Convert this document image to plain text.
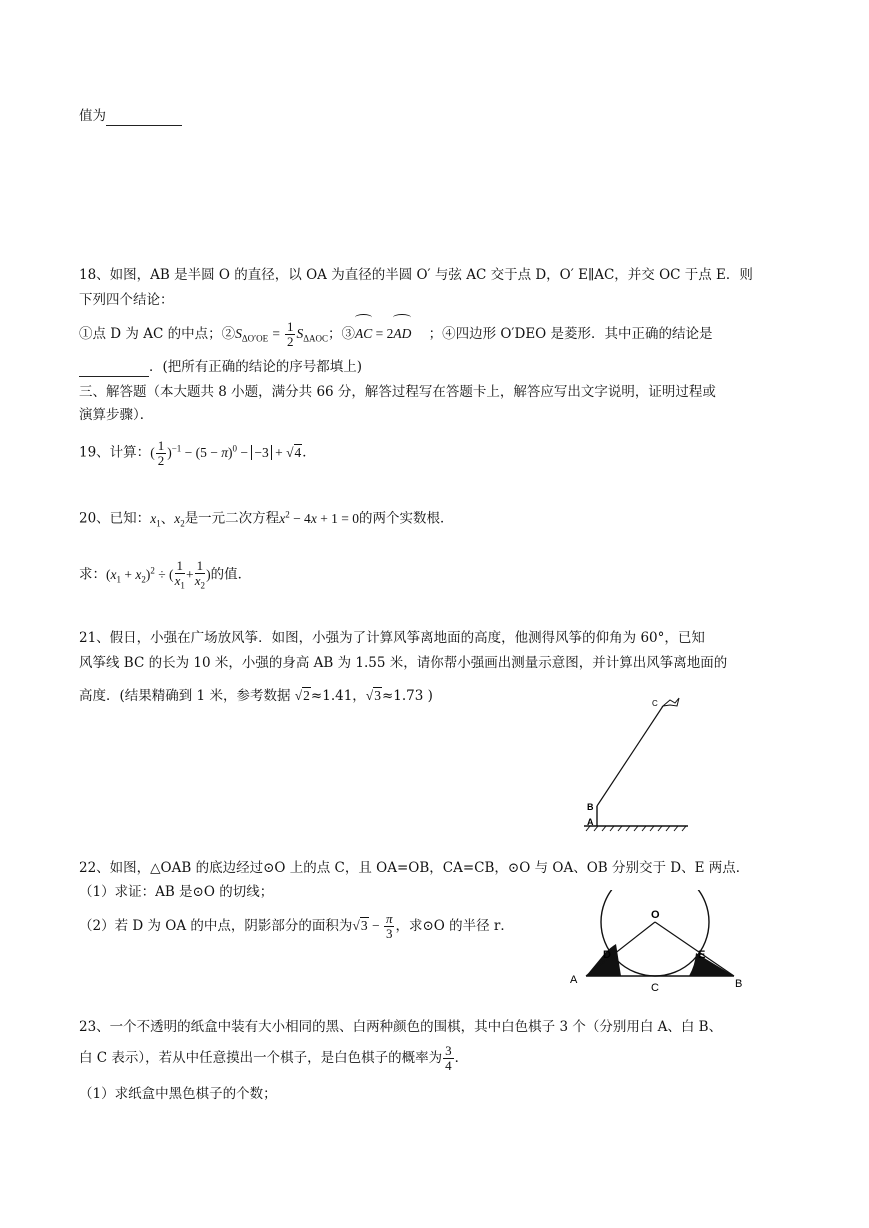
值为
18、如图，AB 是半圆 O 的直径，以 OA 为直径的半圆 O′ 与弦 AC 交于点 D，O′ E∥AC，并交 OC 于点 E．则
下列四个结论：
①点 D 为 AC 的中点；$②S_{\Delta O'OE} = \frac{1}{2} S_{\Delta AOC}$；③AC = 2AD ；④四边形 O′DEO 是菱形．其中正确的结论是
．(把所有正确的结论的序号都填上)
三、解答题（本大题共 8 小题，满分共 66 分，解答过程写在答题卡上，解答应写出文字说明，证明过程或
演算步骤）．
19、计算：( $\frac{1}{2} )^{-1} - (5 - \pi)^0 - -3 + √4$．
20、已知：$x_1$、$x_2$是一元二次方程$x^2 - 4x + 1 = 0$的两个实数根．
求：$(x_1 + x_2)^2$ ÷ ( $\frac{1}{x_1} + \frac{1}{x_2}$ )的值．
21、假日，小强在广场放风筝．如图，小强为了计算风筝离地面的高度，他测得风筝的仰角为 60°，已知
风筝线 BC 的长为 10 米，小强的身高 AB 为 1.55 米，请你帮小强画出测量示意图，并计算出风筝离地面的
高度．(结果精确到 1 米，参考数据 √2≈1.41，√3≈1.73 )	C
B
A
22、如图，△OAB 的底边经过⊙O 上的点 C，且 OA=OB，CA=CB，⊙O 与 OA、OB 分别交于 D、E 两点．
（1）求证：AB 是⊙O 的切线；
（2）若 D 为 OA 的中点，阴影部分的面积为$√3 - \frac{\pi}{3}$ ，求⊙O 的半径 r．
O
D	E
A	B
C
23、一个不透明的纸盒中装有大小相同的黑、白两种颜色的围棋，其中白色棋子 3 个（分别用白 A、白 B、
白 C 表示），若从中任意摸出一个棋子，是白色棋子的概率为 $\frac{3}{4}$ ．
（1）求纸盒中黑色棋子的个数；
